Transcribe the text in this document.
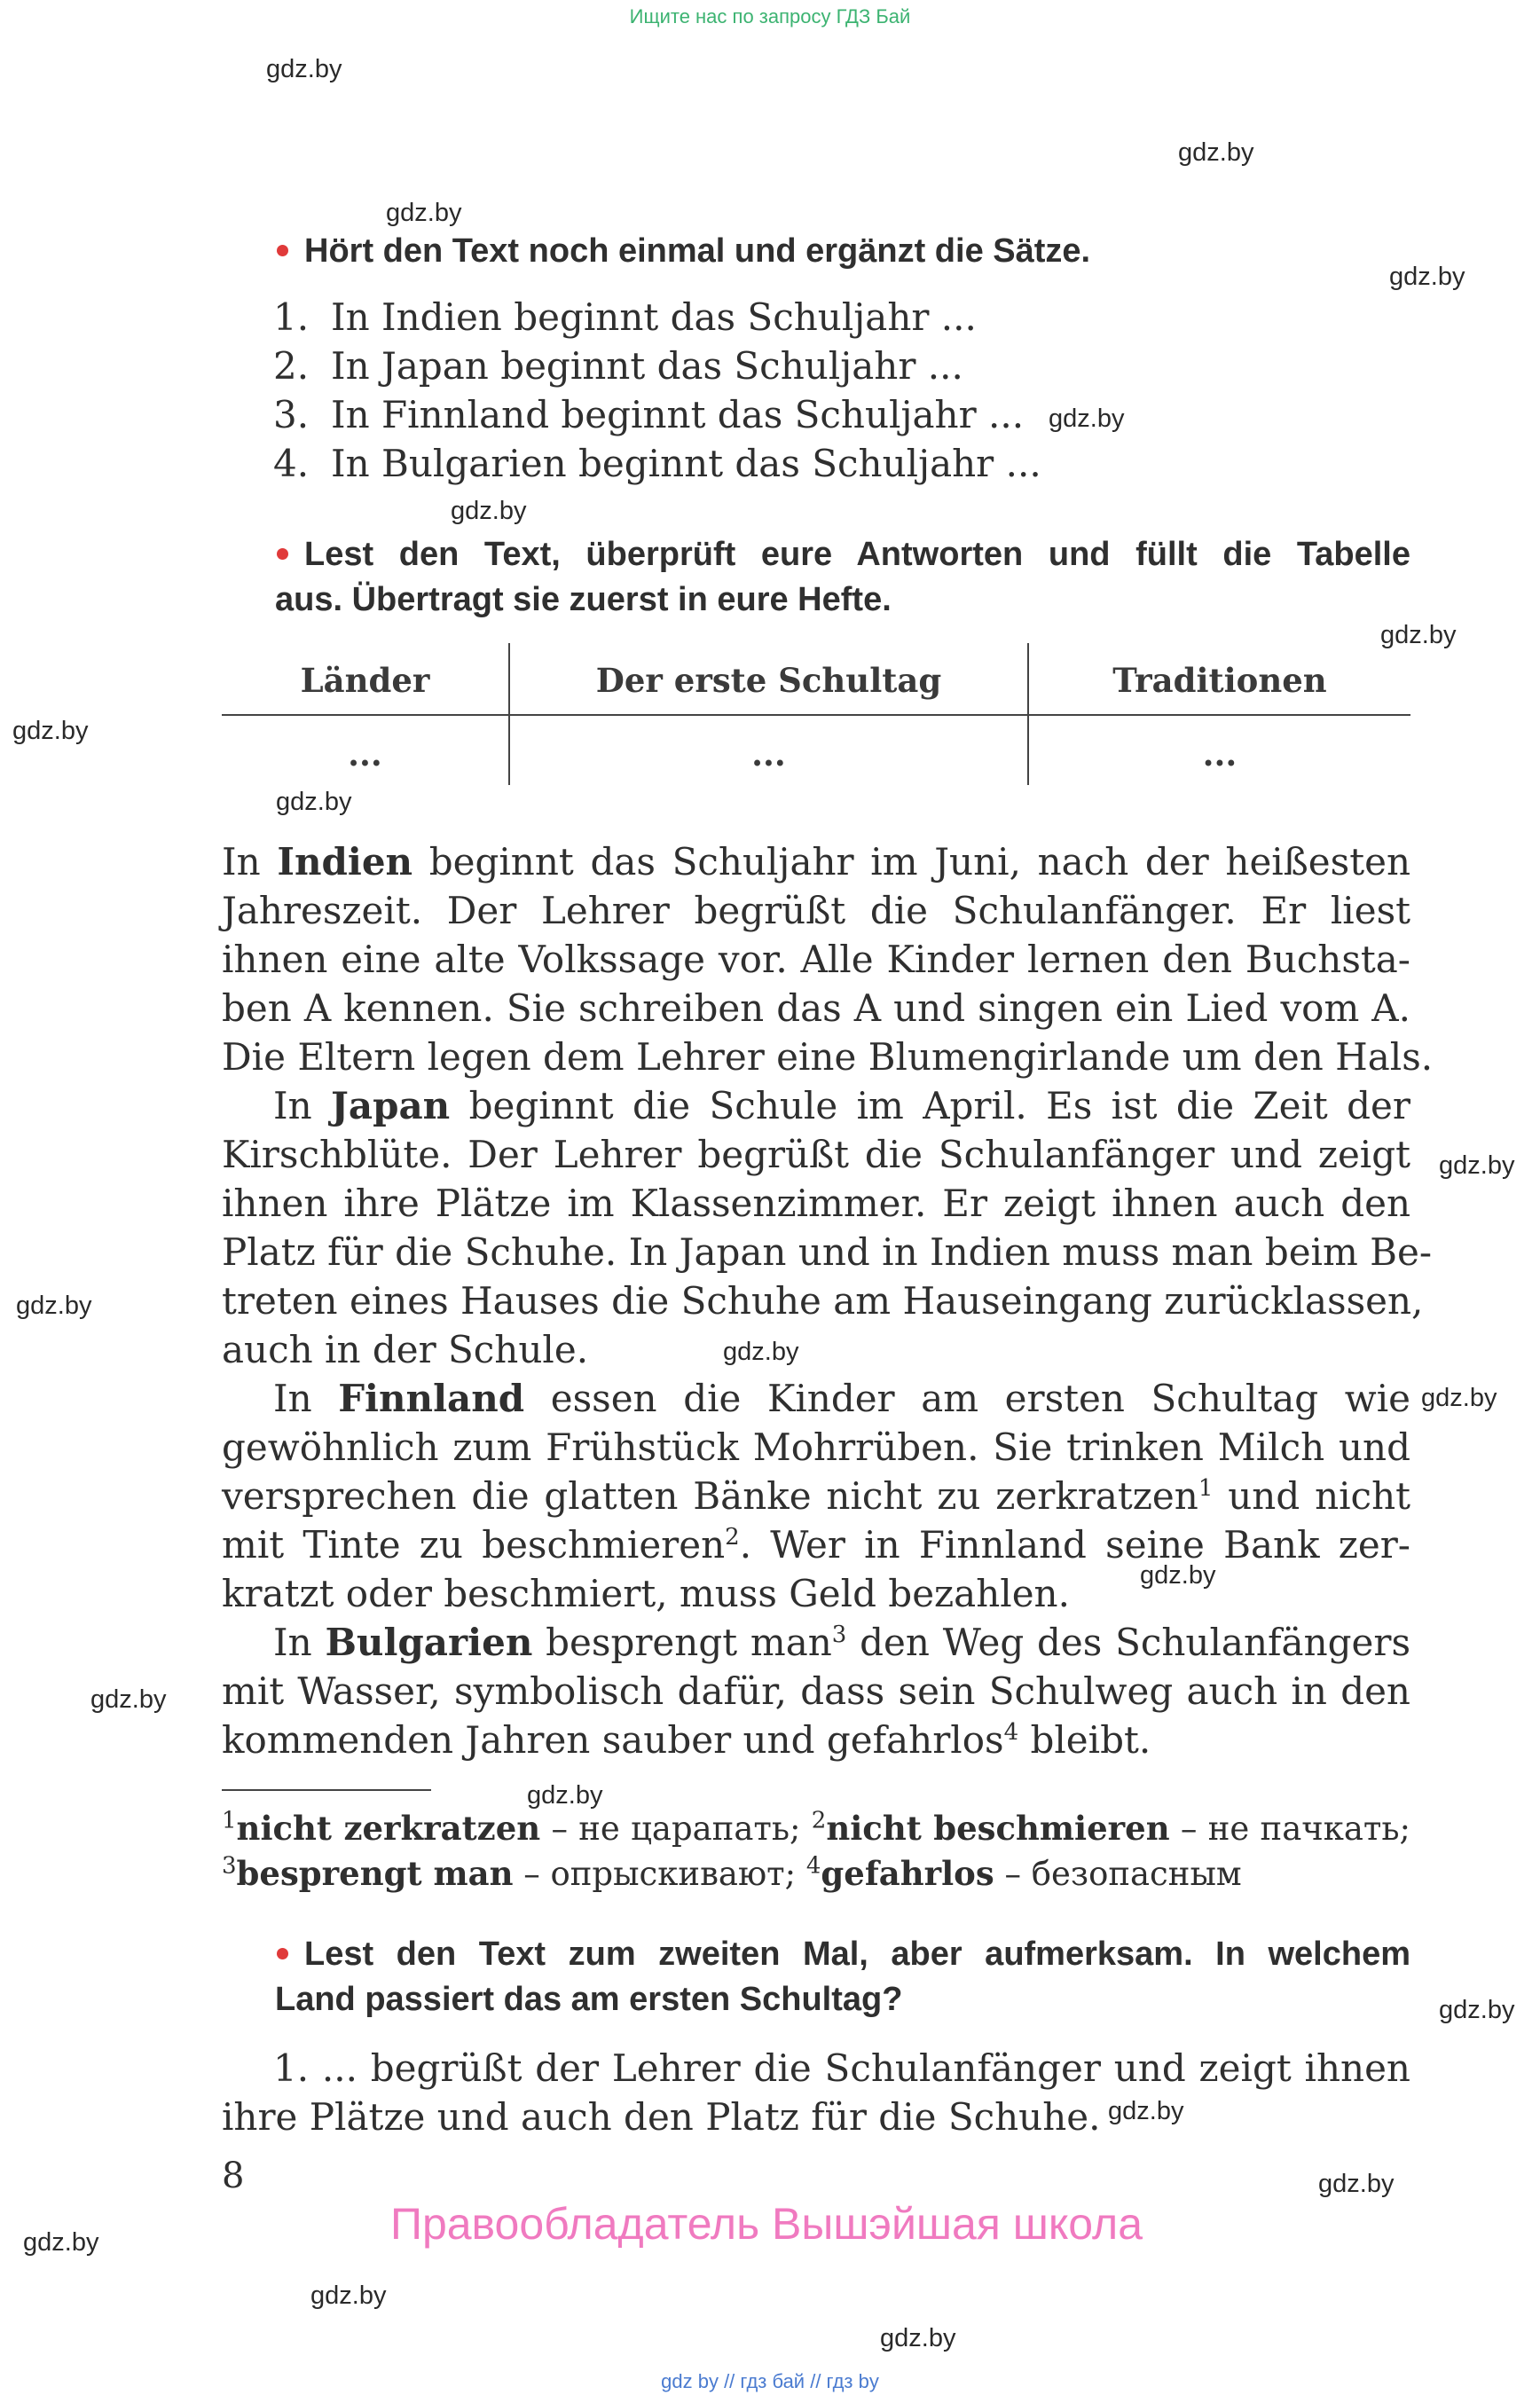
Ищите нас по запросу ГДЗ Бай
gdz.by
gdz.by
gdz.by
gdz.by
gdz.by
gdz.by
gdz.by
gdz.by
gdz.by
gdz.by
gdz.by
gdz.by
gdz.by
gdz.by
gdz.by
gdz.by
gdz.by
gdz.by
gdz.by
gdz.by
gdz.by
gdz.by
Hört den Text noch einmal und ergänzt die Sätze.
1. In Indien beginnt das Schuljahr ...
2. In Japan beginnt das Schuljahr ...
3. In Finnland beginnt das Schuljahr ...
4. In Bulgarien beginnt das Schuljahr ...
Lest den Text, überprüft eure Antworten und füllt die Tabelle
aus. Übertragt sie zuerst in eure Hefte.
Länder	Der erste Schultag	Traditionen
...	...	...
In Indien beginnt das Schuljahr im Juni, nach der heißesten
Jahreszeit. Der Lehrer begrüßt die Schulanfänger. Er liest
ihnen eine alte Volkssage vor. Alle Kinder lernen den Buchsta-
ben A kennen. Sie schreiben das A und singen ein Lied vom A.
Die Eltern legen dem Lehrer eine Blumengirlande um den Hals.
In Japan beginnt die Schule im April. Es ist die Zeit der
Kirschblüte. Der Lehrer begrüßt die Schulanfänger und zeigt
ihnen ihre Plätze im Klassenzimmer. Er zeigt ihnen auch den
Platz für die Schuhe. In Japan und in Indien muss man beim Be-
treten eines Hauses die Schuhe am Hauseingang zurücklassen,
auch in der Schule.
In Finnland essen die Kinder am ersten Schultag wie
gewöhnlich zum Frühstück Mohrrüben. Sie trinken Milch und
versprechen die glatten Bänke nicht zu zerkratzen$^1$ und nicht
mit Tinte zu beschmieren$^2$. Wer in Finnland seine Bank zer-
kratzt oder beschmiert, muss Geld bezahlen.
In Bulgarien besprengt man$^3$ den Weg des Schulanfängers
mit Wasser, symbolisch dafür, dass sein Schulweg auch in den
kommenden Jahren sauber und gefahrlos$^4$ bleibt.
$^1$nicht zerkratzen – не царапать; $^2$nicht beschmieren – не пачкать;
$^3$besprengt man – опрыскивают; $^4$gefahrlos – безопасным
Lest den Text zum zweiten Mal, aber aufmerksam. In welchem
Land passiert das am ersten Schultag?
1. ... begrüßt der Lehrer die Schulanfänger und zeigt ihnen
ihre Plätze und auch den Platz für die Schuhe.
8
Правообладатель Вышэйшая школа
gdz by // гдз бай // гдз by
